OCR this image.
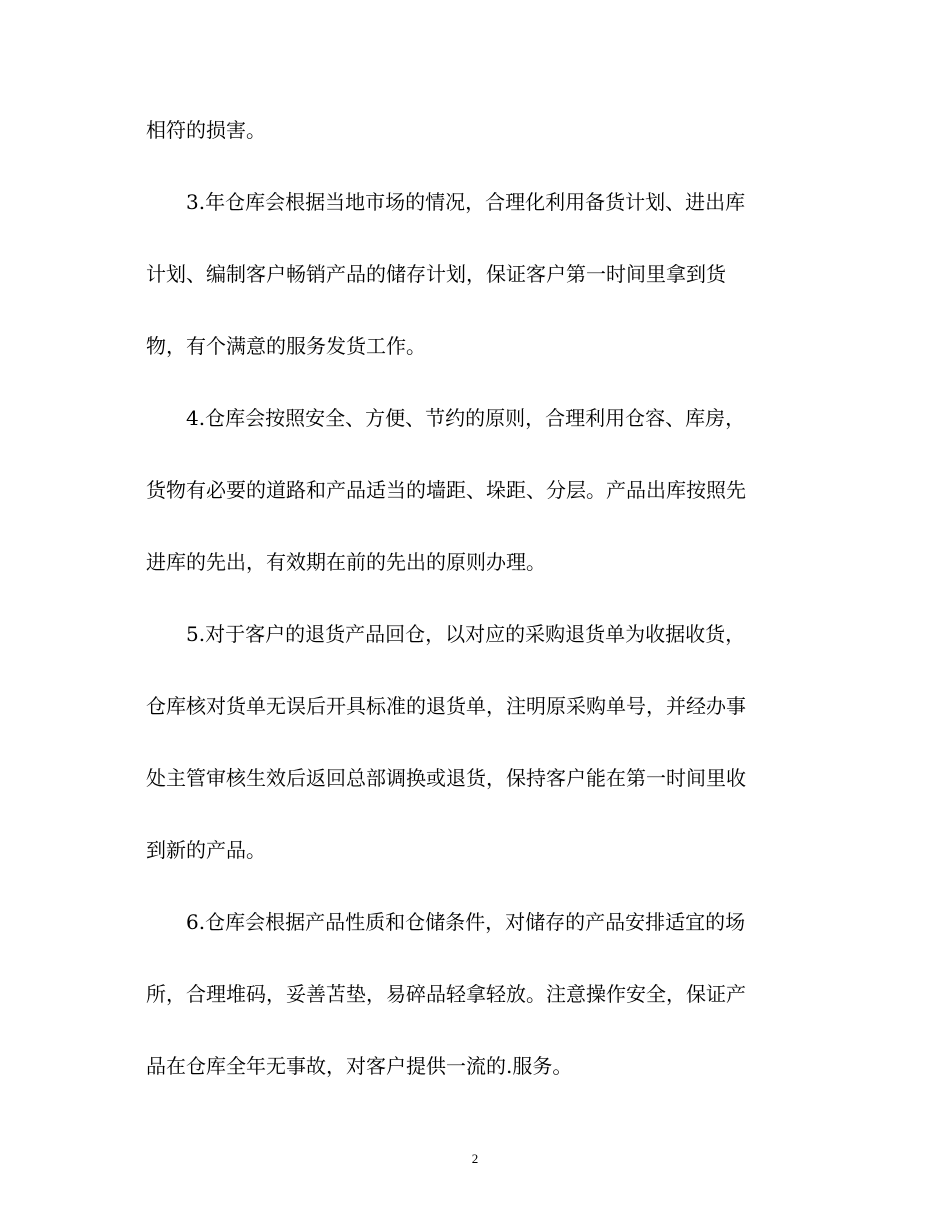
相符的损害。
3.年仓库会根据当地市场的情况，合理化利用备货计划、进出库
计划、编制客户畅销产品的储存计划，保证客户第一时间里拿到货
物，有个满意的服务发货工作。
4.仓库会按照安全、方便、节约的原则，合理利用仓容、库房，
货物有必要的道路和产品适当的墙距、垛距、分层。产品出库按照先
进库的先出，有效期在前的先出的原则办理。
5.对于客户的退货产品回仓，以对应的采购退货单为收据收货，
仓库核对货单无误后开具标准的退货单，注明原采购单号，并经办事
处主管审核生效后返回总部调换或退货，保持客户能在第一时间里收
到新的产品。
6.仓库会根据产品性质和仓储条件，对储存的产品安排适宜的场
所，合理堆码，妥善苫垫，易碎品轻拿轻放。注意操作安全，保证产
品在仓库全年无事故，对客户提供一流的.服务。
2
